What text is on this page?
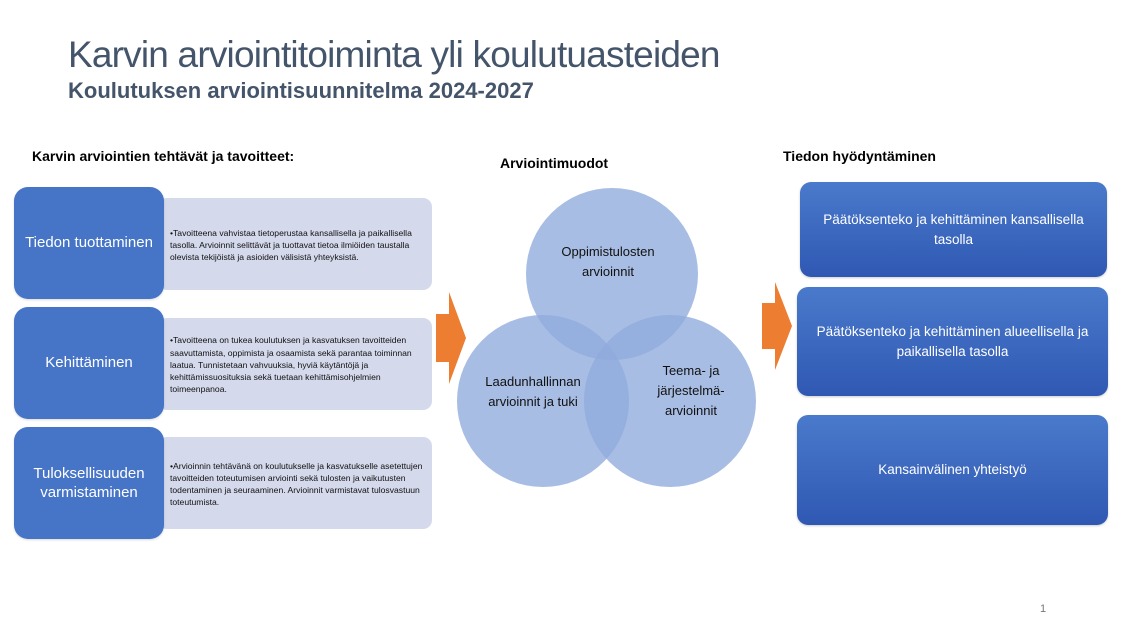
Karvin arviointitoiminta yli koulutuasteiden
Koulutuksen arviointisuunnitelma 2024-2027
Karvin arviointien tehtävät ja tavoitteet:	Arviointimuodot	Tiedon hyödyntäminen
•Tavoitteena vahvistaa tietoperustaa kansallisella ja paikallisella tasolla. Arvioinnit selittävät ja tuottavat tietoa ilmiöiden taustalla olevista tekijöistä ja asioiden välisistä yhteyksistä.
•Tavoitteena on tukea koulutuksen ja kasvatuksen tavoitteiden saavuttamista, oppimista ja osaamista sekä parantaa toiminnan laatua. Tunnistetaan vahvuuksia, hyviä käytäntöjä ja kehittämissuosituksia sekä tuetaan kehittämisohjelmien toimeenpanoa.
•Arvioinnin tehtävänä on koulutukselle ja kasvatukselle asetettujen tavoitteiden toteutumisen arviointi sekä tulosten ja vaikutusten todentaminen ja seuraaminen. Arvioinnit varmistavat tulosvastuun toteutumista.
Tiedon tuottaminen
Kehittäminen
Tuloksellisuuden varmistaminen
Oppimistulosten
arvioinnit
Laadunhallinnan
arvioinnit ja tuki
Teema- ja
järjestelmä-
arvioinnit
Päätöksenteko ja kehittäminen kansallisella tasolla
Päätöksenteko ja kehittäminen alueellisella ja paikallisella tasolla
Kansainvälinen yhteistyö
1
